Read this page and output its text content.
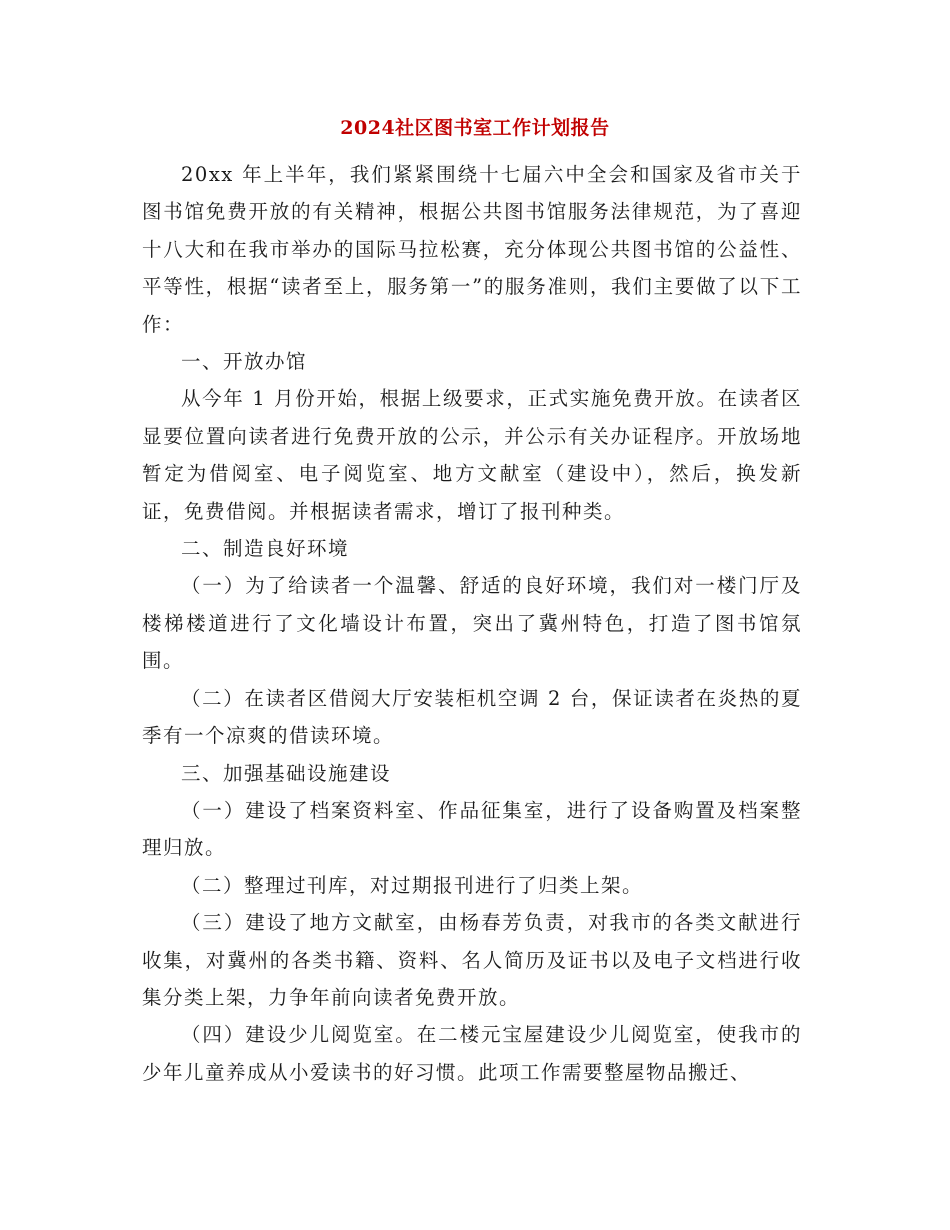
2024社区图书室工作计划报告

20xx 年上半年，我们紧紧围绕十七届六中全会和国家及省市关于图书馆免费开放的有关精神，根据公共图书馆服务法律规范，为了喜迎十八大和在我市举办的国际马拉松赛，充分体现公共图书馆的公益性、平等性，根据“读者至上，服务第一”的服务准则，我们主要做了以下工作：

一、开放办馆

从今年 1 月份开始，根据上级要求，正式实施免费开放。在读者区显要位置向读者进行免费开放的公示，并公示有关办证程序。开放场地暂定为借阅室、电子阅览室、地方文献室（建设中），然后，换发新证，免费借阅。并根据读者需求，增订了报刊种类。

二、制造良好环境

（一）为了给读者一个温馨、舒适的良好环境，我们对一楼门厅及楼梯楼道进行了文化墙设计布置，突出了冀州特色，打造了图书馆氛围。

（二）在读者区借阅大厅安装柜机空调 2 台，保证读者在炎热的夏季有一个凉爽的借读环境。

三、加强基础设施建设

（一）建设了档案资料室、作品征集室，进行了设备购置及档案整理归放。

（二）整理过刊库，对过期报刊进行了归类上架。

（三）建设了地方文献室，由杨春芳负责，对我市的各类文献进行收集，对冀州的各类书籍、资料、名人简历及证书以及电子文档进行收集分类上架，力争年前向读者免费开放。

（四）建设少儿阅览室。在二楼元宝屋建设少儿阅览室，使我市的少年儿童养成从小爱读书的好习惯。此项工作需要整屋物品搬迁、
